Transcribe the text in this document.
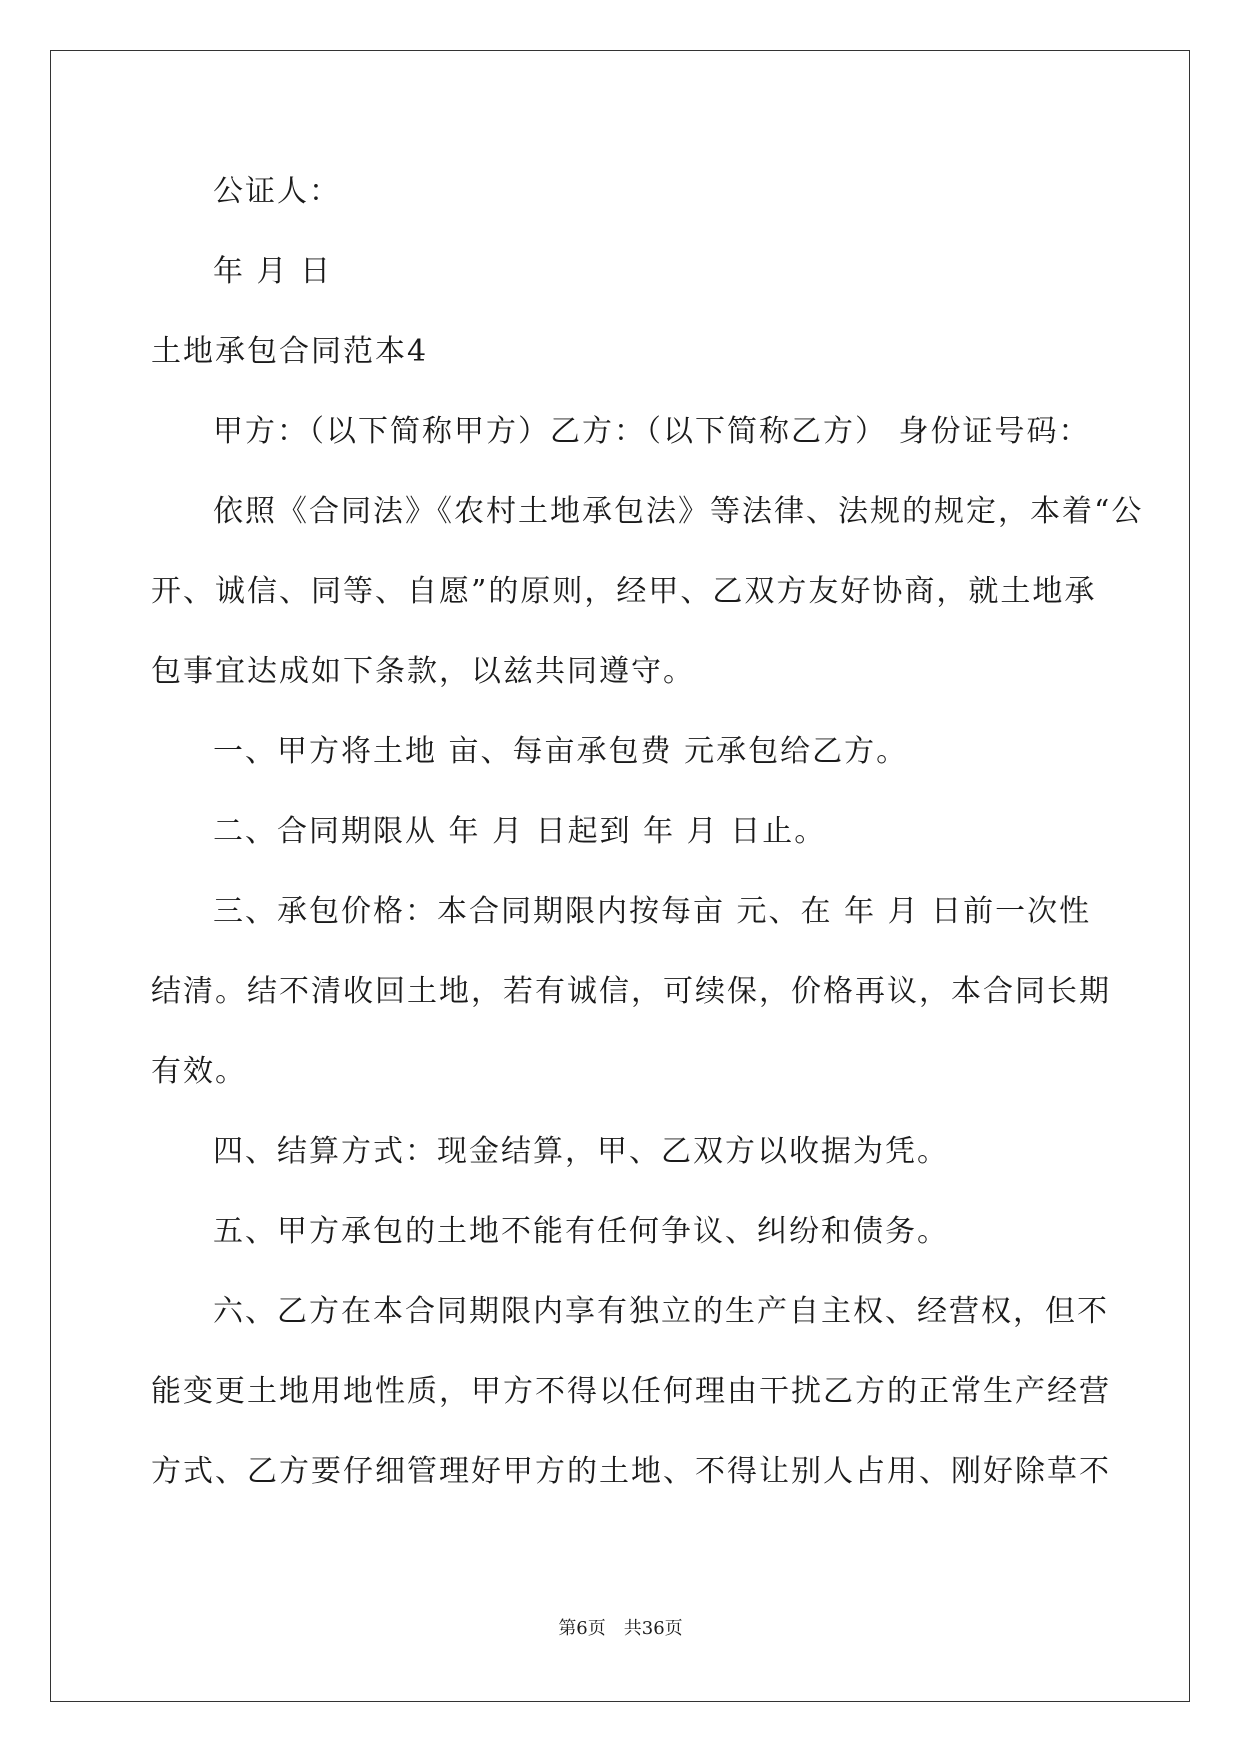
公证人：
年 月 日
土地承包合同范本4
甲方：（以下简称甲方）乙方：（以下简称乙方） 身份证号码：
依照《合同法》《农村土地承包法》等法律、法规的规定，本着“公
开、诚信、同等、自愿”的原则，经甲、乙双方友好协商，就土地承
包事宜达成如下条款，以兹共同遵守。
一、甲方将土地 亩、每亩承包费 元承包给乙方。
二、合同期限从 年 月 日起到 年 月 日止。
三、承包价格：本合同期限内按每亩 元、在 年 月 日前一次性
结清。结不清收回土地，若有诚信，可续保，价格再议，本合同长期
有效。
四、结算方式：现金结算，甲、乙双方以收据为凭。
五、甲方承包的土地不能有任何争议、纠纷和债务。
六、乙方在本合同期限内享有独立的生产自主权、经营权，但不
能变更土地用地性质，甲方不得以任何理由干扰乙方的正常生产经营
方式、乙方要仔细管理好甲方的土地、不得让别人占用、刚好除草不
第6页 共36页
